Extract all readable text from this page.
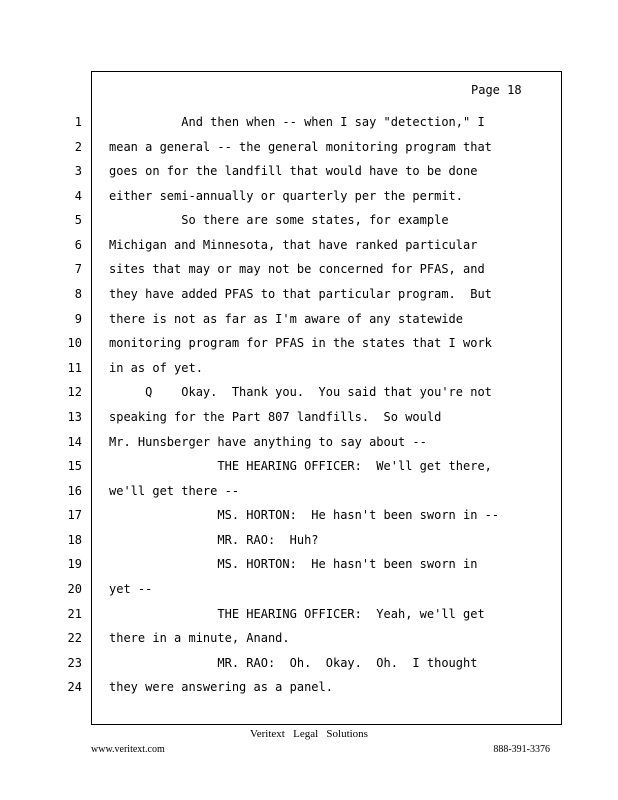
Page 18
1
2
3
4
5
6
7
8
9
10
11
12
13
14
15
16
17
18
19
20
21
22
23
24
And then when -- when I say "detection," I
mean a general -- the general monitoring program that
goes on for the landfill that would have to be done
either semi-annually or quarterly per the permit.
So there are some states, for example
Michigan and Minnesota, that have ranked particular
sites that may or may not be concerned for PFAS, and
they have added PFAS to that particular program.  But
there is not as far as I'm aware of any statewide
monitoring program for PFAS in the states that I work
in as of yet.
Q    Okay.  Thank you.  You said that you're not
speaking for the Part 807 landfills.  So would
Mr. Hunsberger have anything to say about --
THE HEARING OFFICER:  We'll get there,
we'll get there --
MS. HORTON:  He hasn't been sworn in --
MR. RAO:  Huh?
MS. HORTON:  He hasn't been sworn in
yet --
THE HEARING OFFICER:  Yeah, we'll get
there in a minute, Anand.
MR. RAO:  Oh.  Okay.  Oh.  I thought
they were answering as a panel.
Veritext   Legal   Solutions
www.veritext.com	888-391-3376
